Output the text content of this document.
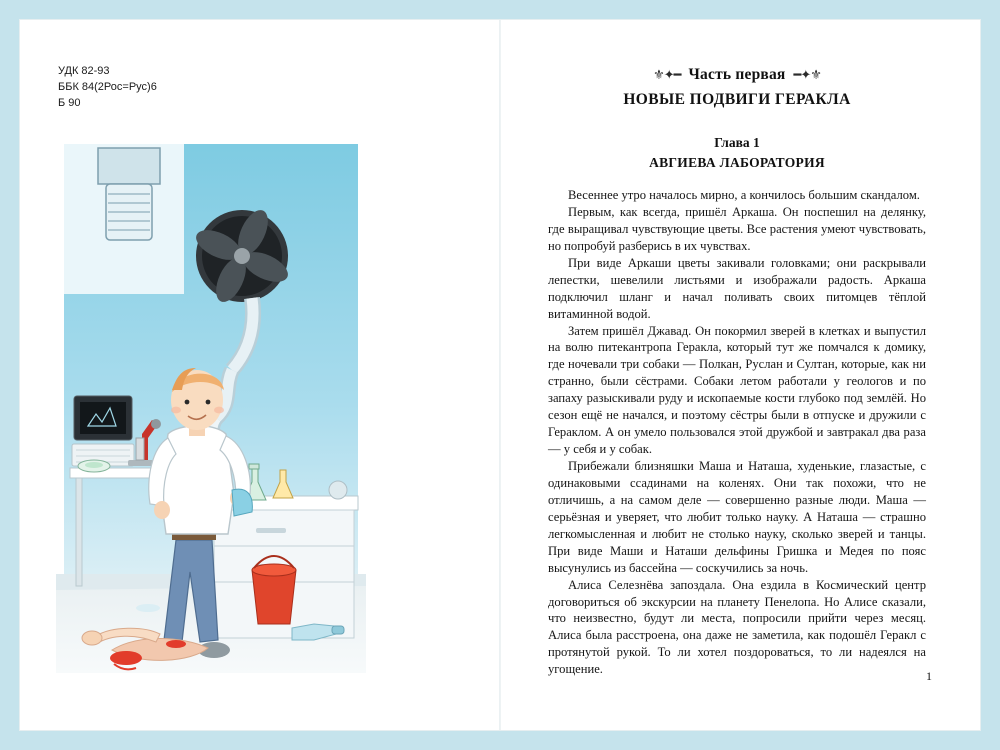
УДК 82-93
ББК 84(2Рос=Рус)6
Б 90
⚜✦━ Часть первая ━✦⚜
НОВЫЕ ПОДВИГИ ГЕРАКЛА
Глава 1
АВГИЕВА ЛАБОРАТОРИЯ

Весеннее утро началось мирно, а кончилось большим скандалом.

Первым, как всегда, пришёл Аркаша. Он поспешил на делянку, где выращивал чувствующие цветы. Все растения умеют чувствовать, но попробуй разберись в их чувствах.

При виде Аркаши цветы закивали головками; они раскрывали лепестки, шевелили листьями и изображали радость. Аркаша подключил шланг и начал поливать своих питомцев тёплой витаминной водой.

Затем пришёл Джавад. Он покормил зверей в клетках и выпустил на волю питекантропа Геракла, который тут же помчался к домику, где ночевали три собаки — Полкан, Руслан и Султан, которые, как ни странно, были сёстрами. Собаки летом работали у геологов и по запаху разыскивали руду и ископаемые кости глубоко под землёй. Но сезон ещё не начался, и поэтому сёстры были в отпуске и дружили с Гераклом. А он умело пользовался этой дружбой и завтракал два раза — у себя и у собак.

Прибежали близняшки Маша и Наташа, худенькие, глазастые, с одинаковыми ссадинами на коленях. Они так похожи, что не отличишь, а на самом деле — совершенно разные люди. Маша — серьёзная и уверяет, что любит только науку. А Наташа — страшно легкомысленная и любит не столько науку, сколько зверей и танцы. При виде Маши и Наташи дельфины Гришка и Медея по пояс высунулись из бассейна — соскучились за ночь.

Алиса Селезнёва запоздала. Она ездила в Космический центр договориться об экскурсии на планету Пенелопа. Но Алисе сказали, что неизвестно, будут ли места, попросили прийти через месяц. Алиса была расстроена, она даже не заметила, как подошёл Геракл с протянутой рукой. То ли хотел поздороваться, то ли надеялся на угощение.	1
